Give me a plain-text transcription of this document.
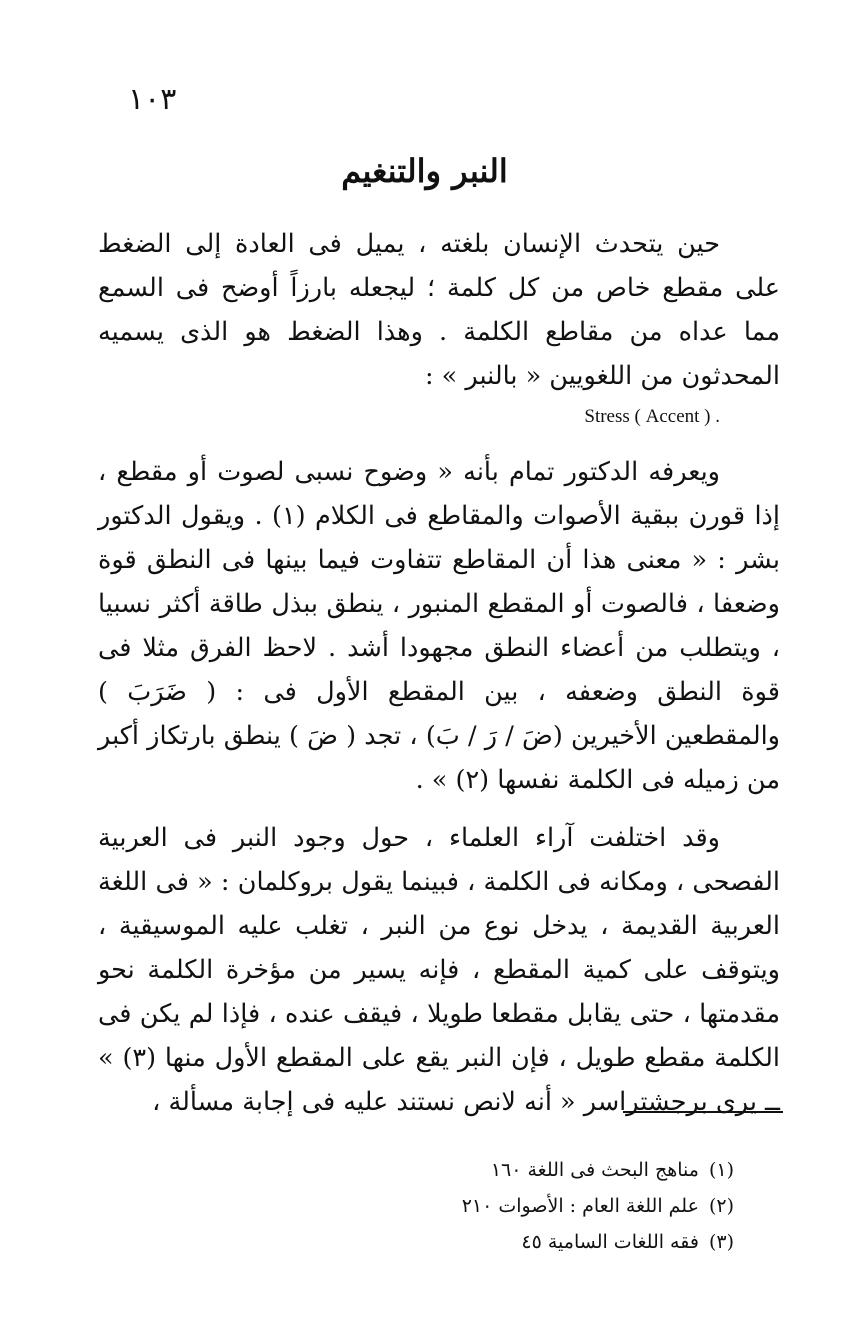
١٠٣
النبر والتنغيم

حين يتحدث الإنسان بلغته ، يميل فى العادة إلى الضغط على مقطع خاص من كل كلمة ؛ ليجعله بارزاً أوضح فى السمع مما عداه من مقاطع الكلمة . وهذا الضغط هو الذى يسميه المحدثون من اللغويين « بالنبر » :
. ( Accent ) Stress

ويعرفه الدكتور تمام بأنه « وضوح نسبى لصوت أو مقطع ، إذا قورن ببقية الأصوات والمقاطع فى الكلام (١) . ويقول الدكتور بشر : « معنى هذا أن المقاطع تتفاوت فيما بينها فى النطق قوة وضعفا ، فالصوت أو المقطع المنبور ، ينطق ببذل طاقة أكثر نسبيا ، ويتطلب من أعضاء النطق مجهودا أشد . لاحظ الفرق مثلا فى قوة النطق وضعفه ، بين المقطع الأول فى : ( ضَرَبَ ) والمقطعين الأخيرين (ضَ / رَ / بَ) ، تجد ( ضَ ) ينطق بارتكاز أكبر من زميله فى الكلمة نفسها (٢) » .

وقد اختلفت آراء العلماء ، حول وجود النبر فى العربية الفصحى ، ومكانه فى الكلمة ، فبينما يقول بروكلمان : « فى اللغة العربية القديمة ، يدخل نوع من النبر ، تغلب عليه الموسيقية ، ويتوقف على كمية المقطع ، فإنه يسير من مؤخرة الكلمة نحو مقدمتها ، حتى يقابل مقطعا طويلا ، فيقف عنده ، فإذا لم يكن فى الكلمة مقطع طويل ، فإن النبر يقع على المقطع الأول منها (٣) » ــ يرى برجشتراسر « أنه لانص نستند عليه فى إجابة مسألة ،

(١)مناهج البحث فى اللغة ١٦٠
(٢)علم اللغة العام : الأصوات ٢١٠
(٣)فقه اللغات السامية ٤٥
